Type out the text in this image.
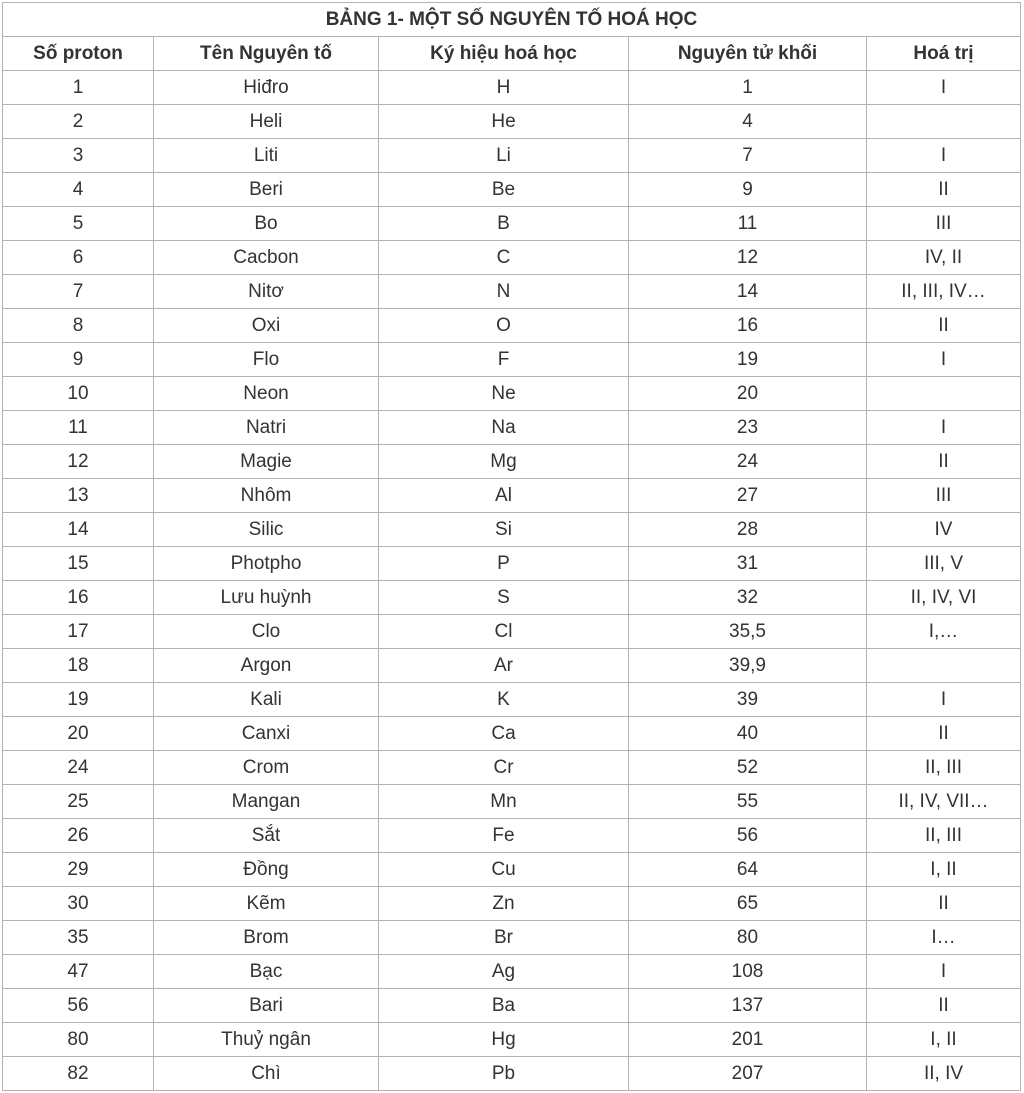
BẢNG 1- MỘT SỐ NGUYÊN TỐ HOÁ HỌC				
Số proton	Tên Nguyên tố	Ký hiệu hoá học	Nguyên tử khối	Hoá trị
1	Hiđro	H	1	I
2	Heli	He	4	
3	Liti	Li	7	I
4	Beri	Be	9	II
5	Bo	B	11	III
6	Cacbon	C	12	IV, II
7	Nitơ	N	14	II, III, IV…
8	Oxi	O	16	II
9	Flo	F	19	I
10	Neon	Ne	20	
11	Natri	Na	23	I
12	Magie	Mg	24	II
13	Nhôm	Al	27	III
14	Silic	Si	28	IV
15	Photpho	P	31	III, V
16	Lưu huỳnh	S	32	II, IV, VI
17	Clo	Cl	35,5	I,…
18	Argon	Ar	39,9	
19	Kali	K	39	I
20	Canxi	Ca	40	II
24	Crom	Cr	52	II, III
25	Mangan	Mn	55	II, IV, VII…
26	Sắt	Fe	56	II, III
29	Đồng	Cu	64	I, II
30	Kẽm	Zn	65	II
35	Brom	Br	80	I…
47	Bạc	Ag	108	I
56	Bari	Ba	137	II
80	Thuỷ ngân	Hg	201	I, II
82	Chì	Pb	207	II, IV
